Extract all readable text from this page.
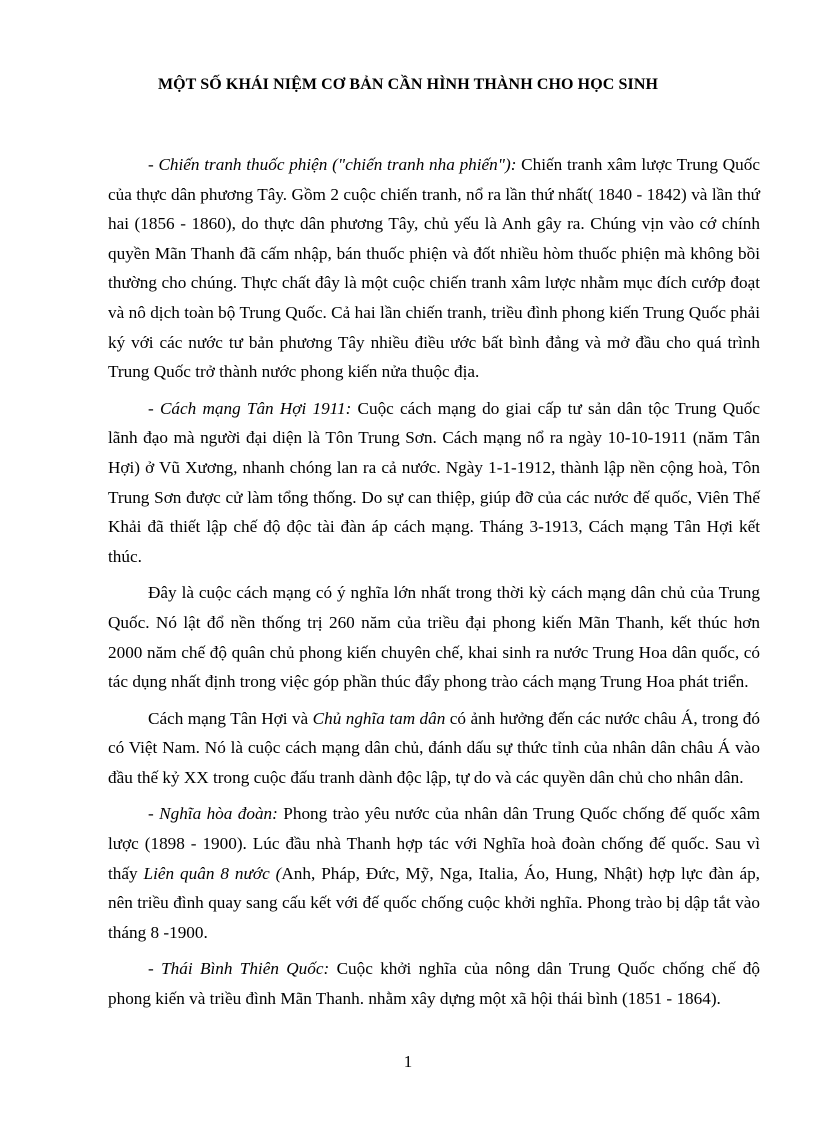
MỘT SỐ KHÁI NIỆM CƠ BẢN CẦN HÌNH THÀNH CHO HỌC SINH

- Chiến tranh thuốc phiện ("chiến tranh nha phiến"): Chiến tranh xâm lược Trung Quốc của thực dân phương Tây. Gồm 2 cuộc chiến tranh, nổ ra lần thứ nhất( 1840 - 1842) và lần thứ hai (1856 - 1860), do thực dân phương Tây, chủ yếu là Anh gây ra. Chúng vịn vào cớ chính quyền Mãn Thanh đã cấm nhập, bán thuốc phiện và đốt nhiều hòm thuốc phiện mà không bồi thường cho chúng. Thực chất đây là một cuộc chiến tranh xâm lược nhằm mục đích cướp đoạt và nô dịch toàn bộ Trung Quốc. Cả hai lần chiến tranh, triều đình phong kiến Trung Quốc phải ký với các nước tư bản phương Tây nhiều điều ước bất bình đẳng và mở đầu cho quá trình Trung Quốc trở thành nước phong kiến nửa thuộc địa.

- Cách mạng Tân Hợi 1911: Cuộc cách mạng do giai cấp tư sản dân tộc Trung Quốc lãnh đạo mà người đại diện là Tôn Trung Sơn. Cách mạng nổ ra ngày 10-10-1911 (năm Tân Hợi) ở Vũ Xương, nhanh chóng lan ra cả nước. Ngày 1-1-1912, thành lập nền cộng hoà, Tôn Trung Sơn được cử làm tổng thống. Do sự can thiệp, giúp đỡ của các nước đế quốc, Viên Thế Khải đã thiết lập chế độ độc tài đàn áp cách mạng. Tháng 3-1913, Cách mạng Tân Hợi kết thúc.

Đây là cuộc cách mạng có ý nghĩa lớn nhất trong thời kỳ cách mạng dân chủ của Trung Quốc. Nó lật đổ nền thống trị 260 năm của triều đại phong kiến Mãn Thanh, kết thúc hơn 2000 năm chế độ quân chủ phong kiến chuyên chế, khai sinh ra nước Trung Hoa dân quốc, có tác dụng nhất định trong việc góp phần thúc đẩy phong trào cách mạng Trung Hoa phát triển.

Cách mạng Tân Hợi và Chủ nghĩa tam dân có ảnh hưởng đến các nước châu Á, trong đó có Việt Nam. Nó là cuộc cách mạng dân chủ, đánh dấu sự thức tỉnh của nhân dân châu Á vào đầu thế kỷ XX trong cuộc đấu tranh dành độc lập, tự do và các quyền dân chủ cho nhân dân.

- Nghĩa hòa đoàn: Phong trào yêu nước của nhân dân Trung Quốc chống đế quốc xâm lược (1898 - 1900). Lúc đầu nhà Thanh hợp tác với Nghĩa hoà đoàn chống đế quốc. Sau vì thấy Liên quân 8 nước (Anh, Pháp, Đức, Mỹ, Nga, Italia, Áo, Hung, Nhật) hợp lực đàn áp, nên triều đình quay sang cấu kết với đế quốc chống cuộc khởi nghĩa. Phong trào bị dập tắt vào tháng 8 -1900.

- Thái Bình Thiên Quốc: Cuộc khởi nghĩa của nông dân Trung Quốc chống chế độ phong kiến và triều đình Mãn Thanh. nhằm xây dựng một xã hội thái bình (1851 - 1864).

1
